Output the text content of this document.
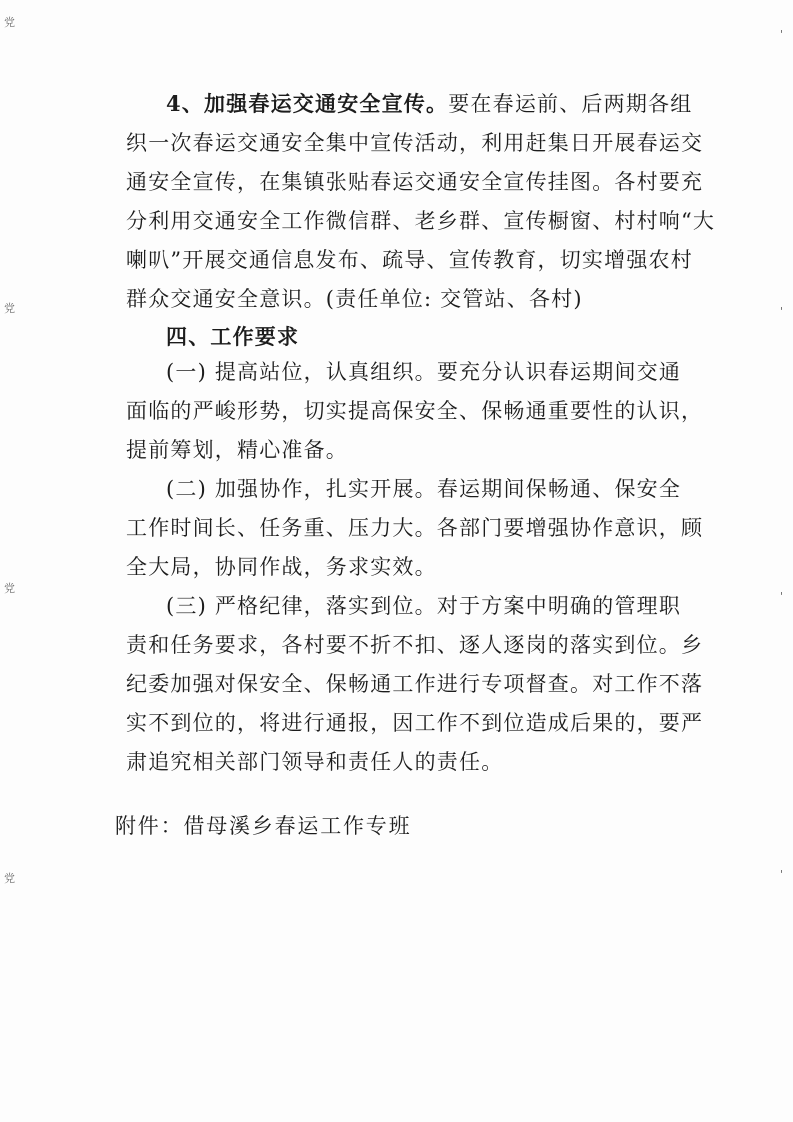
党
党
党
党
'
'
'
'
4、加强春运交通安全宣传。要在春运前、后两期各组
织一次春运交通安全集中宣传活动，利用赶集日开展春运交
通安全宣传，在集镇张贴春运交通安全宣传挂图。各村要充
分利用交通安全工作微信群、老乡群、宣传橱窗、村村响“大
喇叭”开展交通信息发布、疏导、宣传教育，切实增强农村
群众交通安全意识。(责任单位: 交管站、各村)
四、工作要求
(一) 提高站位，认真组织。要充分认识春运期间交通
面临的严峻形势，切实提高保安全、保畅通重要性的认识，
提前筹划，精心准备。
(二) 加强协作，扎实开展。春运期间保畅通、保安全
工作时间长、任务重、压力大。各部门要增强协作意识，顾
全大局，协同作战，务求实效。
(三) 严格纪律，落实到位。对于方案中明确的管理职
责和任务要求，各村要不折不扣、逐人逐岗的落实到位。乡
纪委加强对保安全、保畅通工作进行专项督查。对工作不落
实不到位的，将进行通报，因工作不到位造成后果的，要严
肃追究相关部门领导和责任人的责任。
附件：借母溪乡春运工作专班
